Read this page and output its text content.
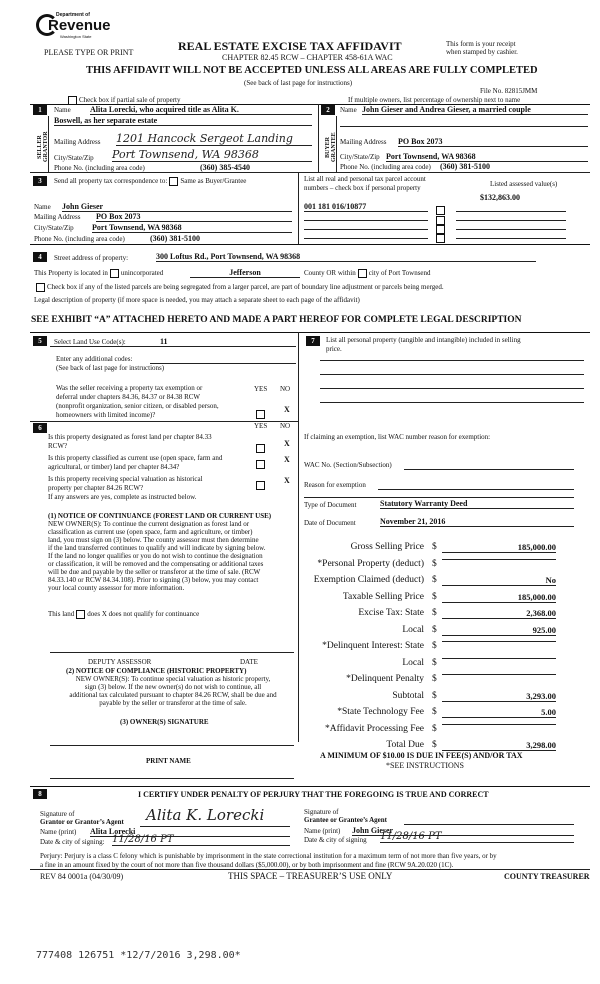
Department of
Revenue
Washington State
PLEASE TYPE OR PRINT	REAL ESTATE EXCISE TAX AFFIDAVIT
CHAPTER 82.45 RCW – CHAPTER 458-61A WAC
This form is your receipt
when stamped by cashier.
THIS AFFIDAVIT WILL NOT BE ACCEPTED UNLESS ALL AREAS ARE FULLY COMPLETED
(See back of last page for instructions)
File No. 82815JMM
Check box if partial sale of property	If multiple owners, list percentage of ownership next to name
1
SELLER GRANTOR
Name Alita Lorecki, who acquired title as Alita K.
Boswell, as her separate estate
Mailing Address 1201 Hancock Sergeot Landing
City/State/Zip Port Townsend, WA 98368
Phone No. (including area code)	(360) 385-4540
2
BUYER GRANTEE
Name John Gieser and Andrea Gieser, a married couple
Mailing Address PO Box 2073
City/State/Zip Port Townsend, WA 98368
Phone No. (including area code) (360) 381-5100
3	Send all property tax correspondence to: Same as Buyer/Grantee
Name John Gieser
Mailing Address PO Box 2073
City/State/Zip Port Townsend, WA 98368
Phone No. (including area code)	(360) 381-5100
List all real and personal tax parcel account
numbers – check box if personal property	Listed assessed value(s)
$132,863.00
001 181 016/10877
4	Street address of property:	300 Loftus Rd., Port Townsend, WA 98368
This Property is located in unincorporated	Jefferson	County OR within city of Port Townsend
Check box if any of the listed parcels are being segregated from a larger parcel, are part of boundary line adjustment or parcels being merged.
Legal description of property (if more space is needed, you may attach a separate sheet to each page of the affidavit)
SEE EXHIBIT “A” ATTACHED HERETO AND MADE A PART HEREOF FOR COMPLETE LEGAL DESCRIPTION
5	Select Land Use Code(s):	11
Enter any additional codes:
(See back of last page for instructions)
YES NO
Was the seller receiving a property tax exemption or
deferral under chapters 84.36, 84.37 or 84.38 RCW
(nonprofit organization, senior citizen, or disabled person,
homeowners with limited income)?
X
6	YES NO
Is this property designated as forest land per chapter 84.33
RCW?	X
Is this property classified as current use (open space, farm and
agricultural, or timber) land per chapter 84.34?
X
Is this property receiving special valuation as historical
property per chapter 84.26 RCW?
X
If any answers are yes, complete as instructed below.
(1) NOTICE OF CONTINUANCE (FOREST LAND OR CURRENT USE)
NEW OWNER(S): To continue the current designation as forest land or
classification as current use (open space, farm and agriculture, or timber)
land, you must sign on (3) below. The county assessor must then determine
if the land transferred continues to qualify and will indicate by signing below.
If the land no longer qualifies or you do not wish to continue the designation
or classification, it will be removed and the compensating or additional taxes
will be due and payable by the seller or transferor at the time of sale. (RCW
84.33.140 or RCW 84.34.108). Prior to signing (3) below, you may contact
your local county assessor for more information.
This land does X does not qualify for continuance
DEPUTY ASSESSOR	DATE
(2) NOTICE OF COMPLIANCE (HISTORIC PROPERTY)
NEW OWNER(S): To continue special valuation as historic property,
sign (3) below. If the new owner(s) do not wish to continue, all
additional tax calculated pursuant to chapter 84.26 RCW, shall be due and
payable by the seller or transferor at the time of sale.
(3) OWNER(S) SIGNATURE
PRINT NAME
7	List all personal property (tangible and intangible) included in selling
price.
If claiming an exemption, list WAC number reason for exemption:
WAC No. (Section/Subsection)
Reason for exemption
Type of Document	Statutory Warranty Deed
Date of Document	November 21, 2016
Gross Selling Price $	185,000.00
*Personal Property (deduct) $
Exemption Claimed (deduct) $	No
Taxable Selling Price $	185,000.00
Excise Tax: State $	2,368.00
Local $	925.00
*Delinquent Interest: State $
Local $
*Delinquent Penalty $
Subtotal $	3,293.00
*State Technology Fee $	5.00
*Affidavit Processing Fee $
Total Due $	3,298.00
A MINIMUM OF $10.00 IS DUE IN FEE(S) AND/OR TAX
*SEE INSTRUCTIONS
8	I CERTIFY UNDER PENALTY OF PERJURY THAT THE FOREGOING IS TRUE AND CORRECT
Signature of
Grantor or Grantor’s Agent Alita K. Lorecki
Name (print) Alita Lorecki
Date & city of signing: 11/28/16 PT
Signature of
Grantee or Grantee’s Agent
Name (print) John Gieser
Date & city of signing 11/28/16 PT
Perjury: Perjury is a class C felony which is punishable by imprisonment in the state correctional institution for a maximum term of not more than five years, or by
a fine in an amount fixed by the court of not more than five thousand dollars ($5,000.00), or by both imprisonment and fine (RCW 9A.20.020 (1C).
REV 84 0001a (04/30/09)	THIS SPACE – TREASURER’S USE ONLY	COUNTY TREASURER
777408 126751 *12/7/2016 3,298.00*
